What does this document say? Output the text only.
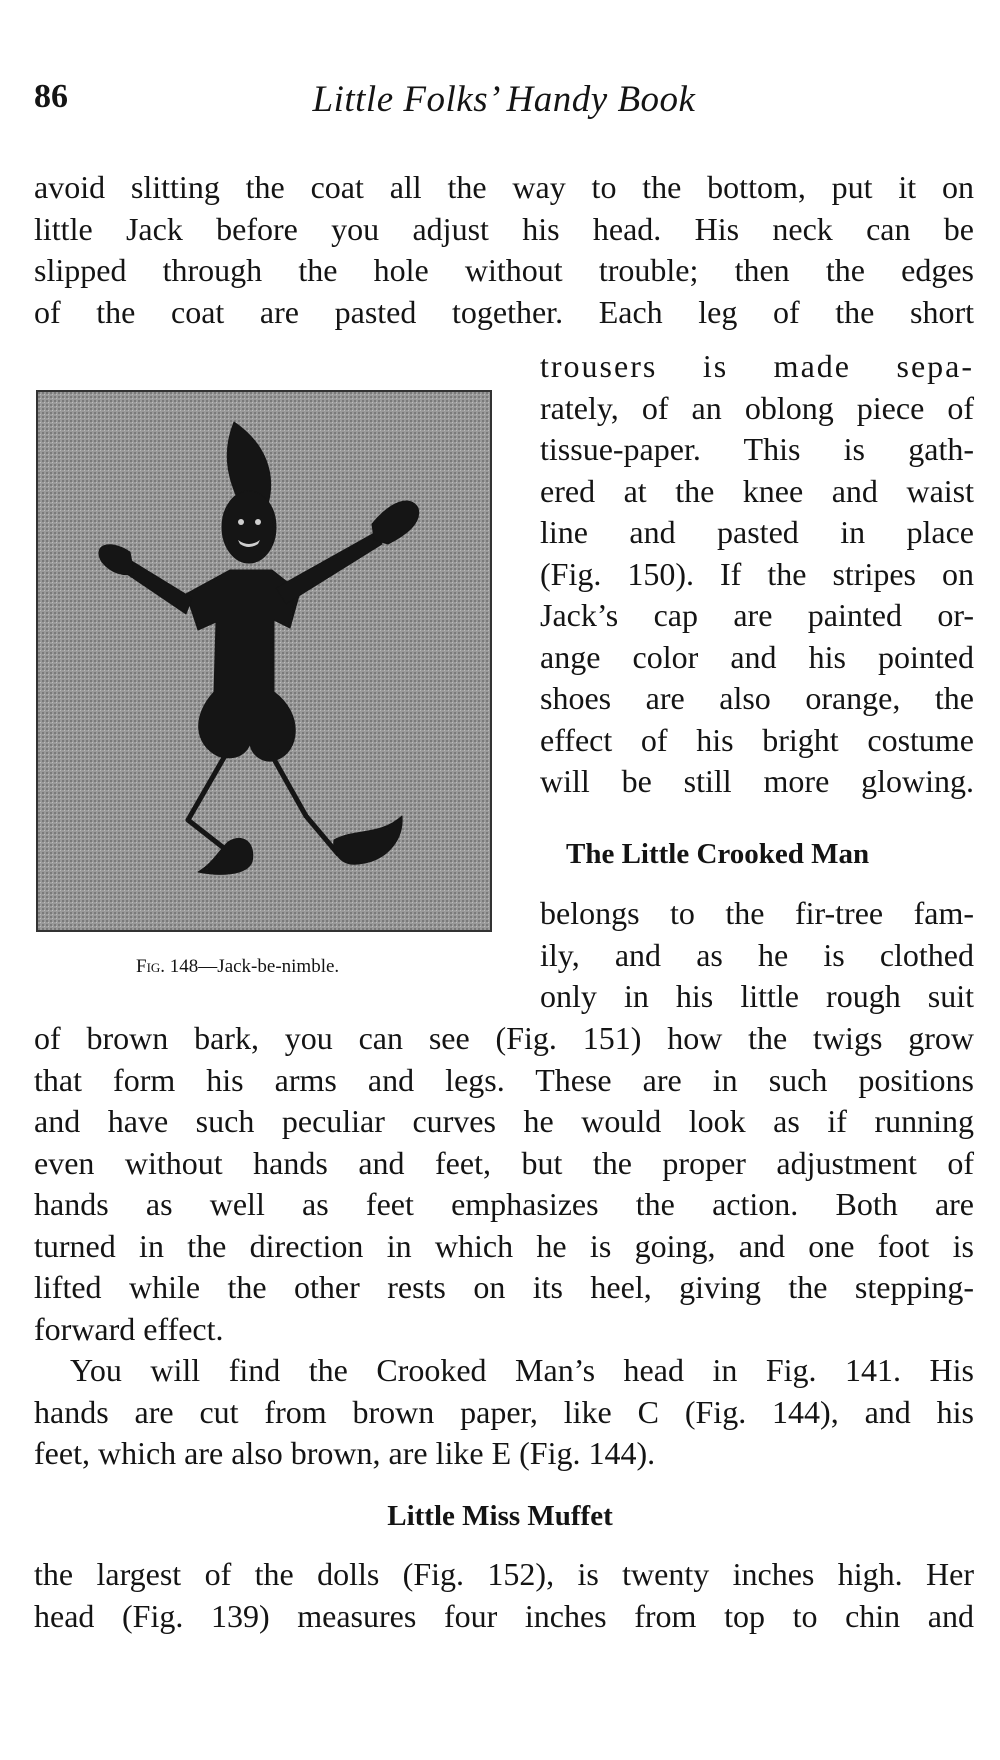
86	Little Folks’ Handy Book

avoid slitting the coat all the way to the bottom, put it on
little Jack before you adjust his head. His neck can be
slipped through the hole without trouble; then the edges
of the coat are pasted together. Each leg of the short

Fig. 148—Jack-be-nimble.

trousers is made sepa-
rately, of an oblong piece of
tissue-paper. This is gath-
ered at the knee and waist
line and pasted in place
(Fig. 150). If the stripes on
Jack’s cap are painted or-
ange color and his pointed
shoes are also orange, the
effect of his bright costume
will be still more glowing.

The Little Crooked Man

belongs to the fir-tree fam-
ily, and as he is clothed
only in his little rough suit

of brown bark, you can see (Fig. 151) how the twigs grow
that form his arms and legs. These are in such positions
and have such peculiar curves he would look as if running
even without hands and feet, but the proper adjustment of
hands as well as feet emphasizes the action. Both are
turned in the direction in which he is going, and one foot is
lifted while the other rests on its heel, giving the stepping-
forward effect.

You will find the Crooked Man’s head in Fig. 141. His
hands are cut from brown paper, like C (Fig. 144), and his
feet, which are also brown, are like E (Fig. 144).

Little Miss Muffet

the largest of the dolls (Fig. 152), is twenty inches high. Her
head (Fig. 139) measures four inches from top to chin and
